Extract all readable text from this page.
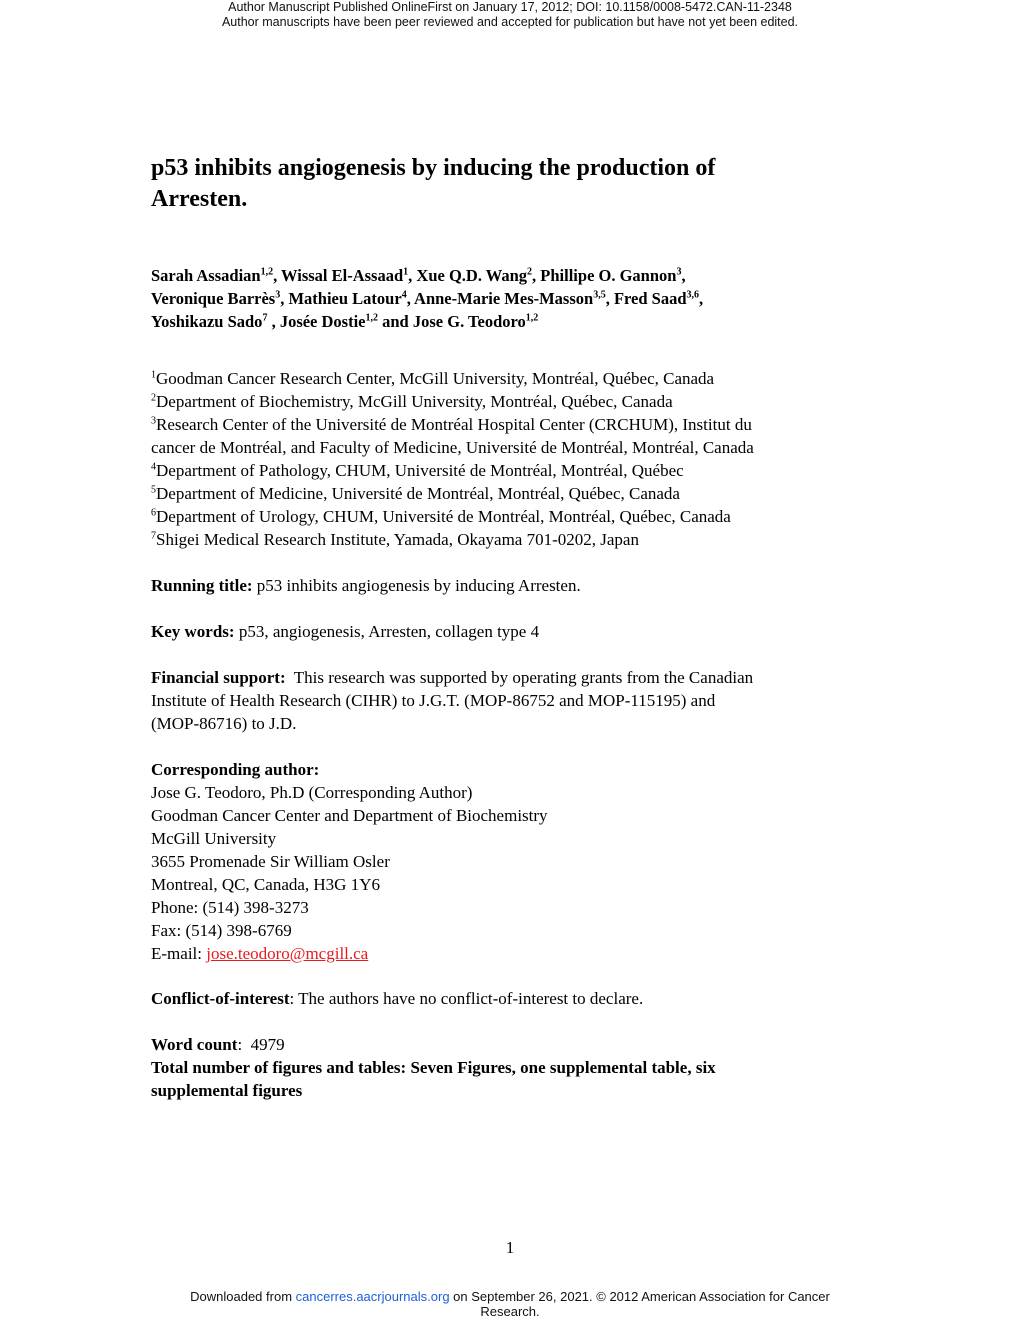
Author Manuscript Published OnlineFirst on January 17, 2012; DOI: 10.1158/0008-5472.CAN-11-2348
Author manuscripts have been peer reviewed and accepted for publication but have not yet been edited.
p53 inhibits angiogenesis by inducing the production of
Arresten.
Sarah Assadian$^{1,2}$, Wissal El-Assaad$^1$, Xue Q.D. Wang$^2$, Phillipe O. Gannon$^3$,
Veronique Barrès$^3$, Mathieu Latour$^4$, Anne-Marie Mes-Masson$^{3,5}$, Fred Saad$^{3,6}$,
Yoshikazu Sado$^7$ , Josée Dostie$^{1,2}$ and Jose G. Teodoro$^{1,2}$
$^1$Goodman Cancer Research Center, McGill University, Montréal, Québec, Canada
$^2$Department of Biochemistry, McGill University, Montréal, Québec, Canada
$^3$Research Center of the Université de Montréal Hospital Center (CRCHUM), Institut du
cancer de Montréal, and Faculty of Medicine, Université de Montréal, Montréal, Canada
$^4$Department of Pathology, CHUM, Université de Montréal, Montréal, Québec
$^5$Department of Medicine, Université de Montréal, Montréal, Québec, Canada
$^6$Department of Urology, CHUM, Université de Montréal, Montréal, Québec, Canada
$^7$Shigei Medical Research Institute, Yamada, Okayama 701-0202, Japan
Running title: p53 inhibits angiogenesis by inducing Arresten.
Key words: p53, angiogenesis, Arresten, collagen type 4
Financial support:  This research was supported by operating grants from the Canadian
Institute of Health Research (CIHR) to J.G.T. (MOP-86752 and MOP-115195) and
(MOP-86716) to J.D.
Corresponding author:
Jose G. Teodoro, Ph.D (Corresponding Author)
Goodman Cancer Center and Department of Biochemistry
McGill University
3655 Promenade Sir William Osler
Montreal, QC, Canada, H3G 1Y6
Phone: (514) 398-3273
Fax: (514) 398-6769
E-mail: jose.teodoro@mcgill.ca
Conflict-of-interest: The authors have no conflict-of-interest to declare.
Word count:  4979
Total number of figures and tables: Seven Figures, one supplemental table, six
supplemental figures
1
Downloaded from cancerres.aacrjournals.org on September 26, 2021. © 2012 American Association for Cancer
Research.
